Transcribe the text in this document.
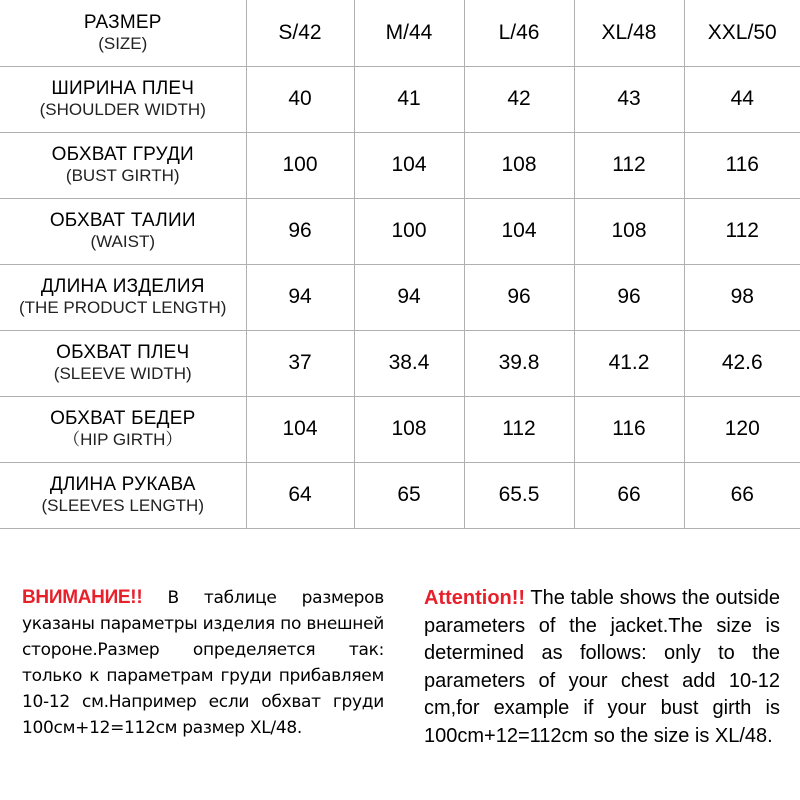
РАЗМЕР
(SIZE)	S/42	M/44	L/46	XL/48	XXL/50

ШИРИНА ПЛЕЧ
(SHOULDER WIDTH)	40	41	42	43	44

ОБХВАТ ГРУДИ
(BUST GIRTH)	100	104	108	112	116

ОБХВАТ ТАЛИИ
(WAIST)	96	100	104	108	112

ДЛИНА ИЗДЕЛИЯ
(THE PRODUCT LENGTH)	94	94	96	96	98

ОБХВАТ ПЛЕЧ
(SLEEVE WIDTH)	37	38.4	39.8	41.2	42.6

ОБХВАТ БЕДЕР
（HIP GIRTH）	104	108	112	116	120

ДЛИНА РУКАВА
(SLEEVES LENGTH)	64	65	65.5	66	66
ВНИМАНИЕ!! В таблице размеров указаны параметры изделия по внешней стороне.Размер определяется так: только к параметрам груди прибавляем 10-12 см.Например если обхват груди 100см+12=112см размер XL/48.
Attention!! The table shows the outside parameters of the jacket.The size is determined as follows: only to the parameters of your chest add 10-12 cm,for example if your bust girth is 100cm+12=112cm so the size is XL/48.
